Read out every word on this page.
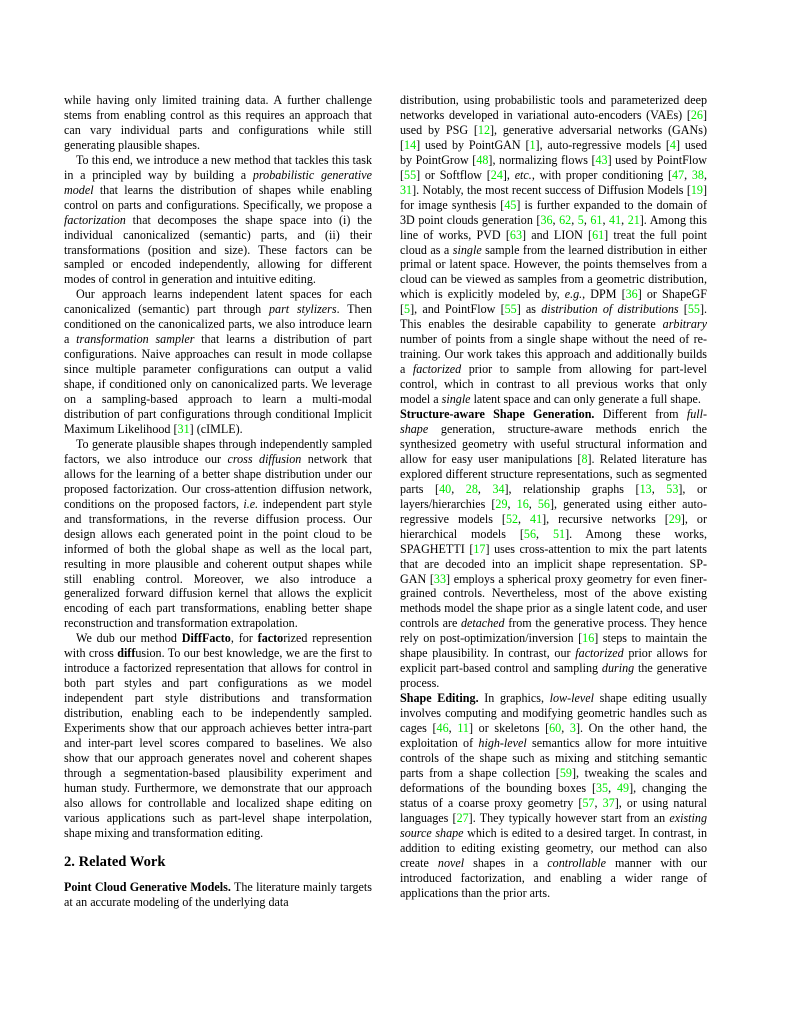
while having only limited training data. A further challenge stems from enabling control as this requires an approach that can vary individual parts and configurations while still generating plausible shapes.

To this end, we introduce a new method that tackles this task in a principled way by building a probabilistic generative model that learns the distribution of shapes while enabling control on parts and configurations. Specifically, we propose a factorization that decomposes the shape space into (i) the individual canonicalized (semantic) parts, and (ii) their transformations (position and size). These factors can be sampled or encoded independently, allowing for different modes of control in generation and intuitive editing.

Our approach learns independent latent spaces for each canonicalized (semantic) part through part stylizers. Then conditioned on the canonicalized parts, we also introduce learn a transformation sampler that learns a distribution of part configurations. Naive approaches can result in mode collapse since multiple parameter configurations can output a valid shape, if conditioned only on canonicalized parts. We leverage on a sampling-based approach to learn a multi-modal distribution of part configurations through conditional Implicit Maximum Likelihood [31] (cIMLE).

To generate plausible shapes through independently sampled factors, we also introduce our cross diffusion network that allows for the learning of a better shape distribution under our proposed factorization. Our cross-attention diffusion network, conditions on the proposed factors, i.e. independent part style and transformations, in the reverse diffusion process. Our design allows each generated point in the point cloud to be informed of both the global shape as well as the local part, resulting in more plausible and coherent output shapes while still enabling control. Moreover, we also introduce a generalized forward diffusion kernel that allows the explicit encoding of each part transformations, enabling better shape reconstruction and transformation extrapolation.

We dub our method DiffFacto, for factorized represention with cross diffusion. To our best knowledge, we are the first to introduce a factorized representation that allows for control in both part styles and part configurations as we model independent part style distributions and transformation distribution, enabling each to be independently sampled. Experiments show that our approach achieves better intra-part and inter-part level scores compared to baselines. We also show that our approach generates novel and coherent shapes through a segmentation-based plausibility experiment and human study. Furthermore, we demonstrate that our approach also allows for controllable and localized shape editing on various applications such as part-level shape interpolation, shape mixing and transformation editing.

2. Related Work

Point Cloud Generative Models. The literature mainly targets at an accurate modeling of the underlying data

distribution, using probabilistic tools and parameterized deep networks developed in variational auto-encoders (VAEs) [26] used by PSG [12], generative adversarial networks (GANs) [14] used by PointGAN [1], auto-regressive models [4] used by PointGrow [48], normalizing flows [43] used by PointFlow [55] or Softflow [24], etc., with proper conditioning [47, 38, 31]. Notably, the most recent success of Diffusion Models [19] for image synthesis [45] is further expanded to the domain of 3D point clouds generation [36, 62, 5, 61, 41, 21]. Among this line of works, PVD [63] and LION [61] treat the full point cloud as a single sample from the learned distribution in either primal or latent space. However, the points themselves from a cloud can be viewed as samples from a geometric distribution, which is explicitly modeled by, e.g., DPM [36] or ShapeGF [5], and PointFlow [55] as distribution of distributions [55]. This enables the desirable capability to generate arbitrary number of points from a single shape without the need of re-training. Our work takes this approach and additionally builds a factorized prior to sample from allowing for part-level control, which in contrast to all previous works that only model a single latent space and can only generate a full shape.

Structure-aware Shape Generation. Different from full-shape generation, structure-aware methods enrich the synthesized geometry with useful structural information and allow for easy user manipulations [8]. Related literature has explored different structure representations, such as segmented parts [40, 28, 34], relationship graphs [13, 53], or layers/hierarchies [29, 16, 56], generated using either auto-regressive models [52, 41], recursive networks [29], or hierarchical models [56, 51]. Among these works, SPAGHETTI [17] uses cross-attention to mix the part latents that are decoded into an implicit shape representation. SP-GAN [33] employs a spherical proxy geometry for even finer-grained controls. Nevertheless, most of the above existing methods model the shape prior as a single latent code, and user controls are detached from the generative process. They hence rely on post-optimization/inversion [16] steps to maintain the shape plausibility. In contrast, our factorized prior allows for explicit part-based control and sampling during the generative process.

Shape Editing. In graphics, low-level shape editing usually involves computing and modifying geometric handles such as cages [46, 11] or skeletons [60, 3]. On the other hand, the exploitation of high-level semantics allow for more intuitive controls of the shape such as mixing and stitching semantic parts from a shape collection [59], tweaking the scales and deformations of the bounding boxes [35, 49], changing the status of a coarse proxy geometry [57, 37], or using natural languages [27]. They typically however start from an existing source shape which is edited to a desired target. In contrast, in addition to editing existing geometry, our method can also create novel shapes in a controllable manner with our introduced factorization, and enabling a wider range of applications than the prior arts.
